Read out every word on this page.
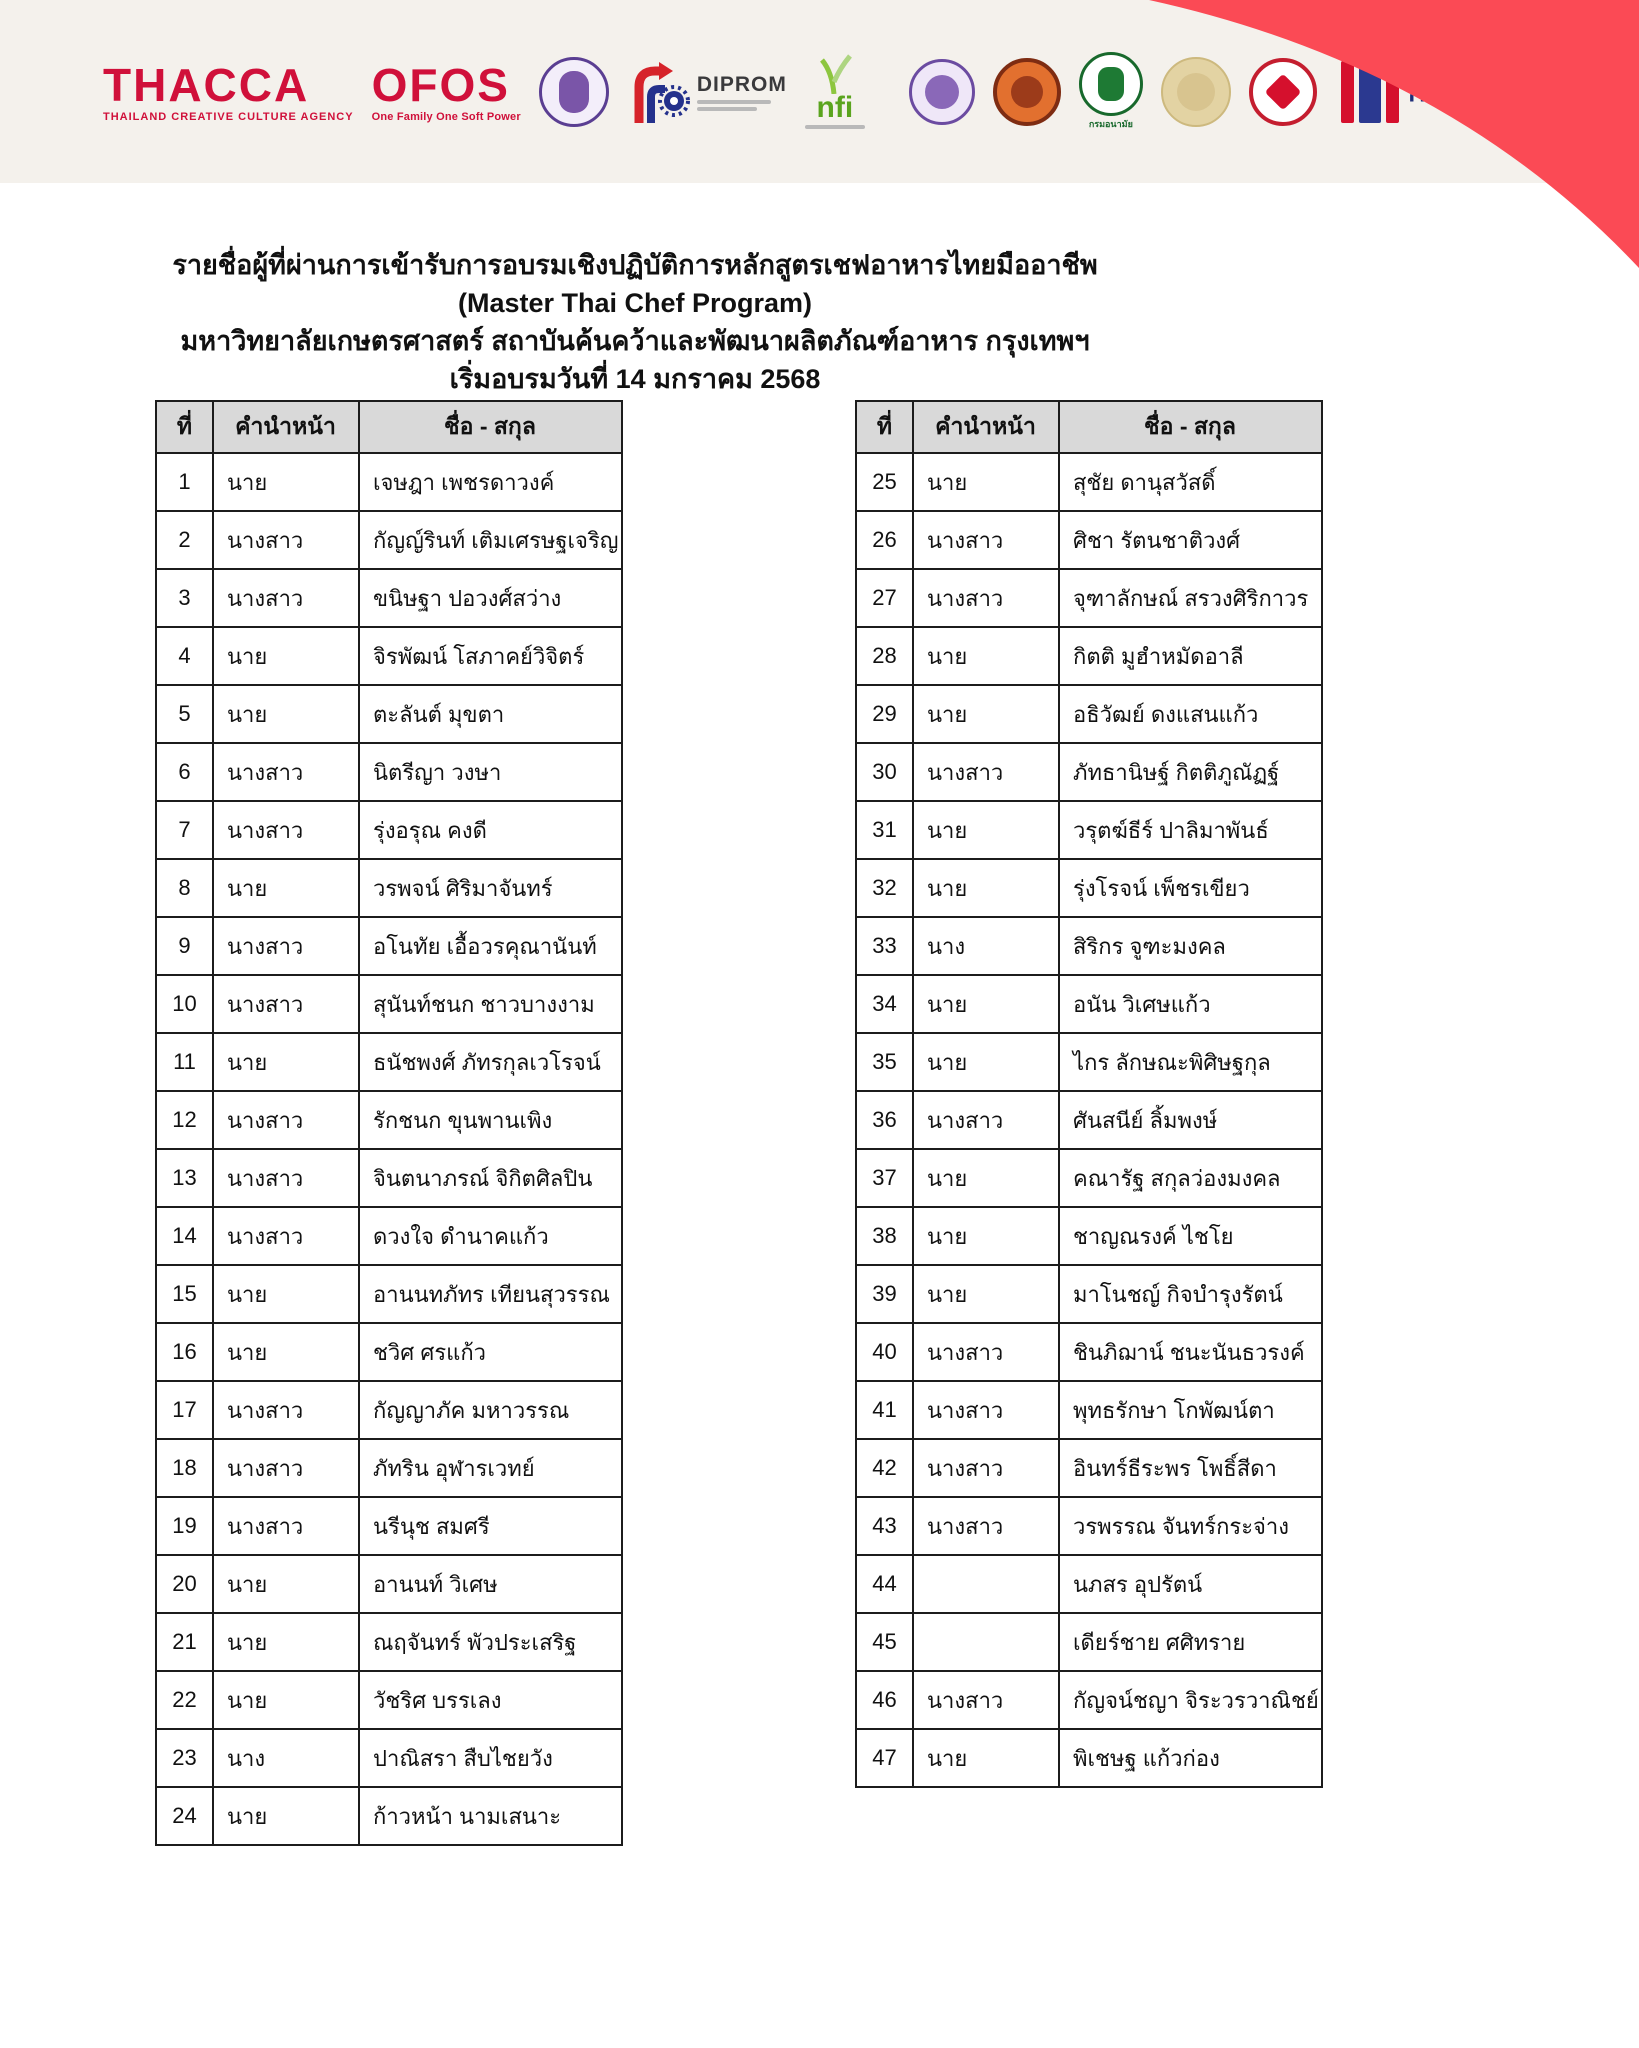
THACCA
THAILAND CREATIVE CULTURE AGENCY
OFOS
One Family One Soft Power
DIPROM
nfi	กรมอนามัย
รายชื่อผู้ที่ผ่านการเข้ารับการอบรมเชิงปฏิบัติการหลักสูตรเชฟอาหารไทยมืออาชีพ
(Master Thai Chef Program)
มหาวิทยาลัยเกษตรศาสตร์ สถาบันค้นคว้าและพัฒนาผลิตภัณฑ์อาหาร กรุงเทพฯ
เริ่มอบรมวันที่ 14 มกราคม 2568
ที่	คำนำหน้า	ชื่อ - สกุล
1	นาย	เจษฎา เพชรดาวงค์
2	นางสาว	กัญญ์รินท์ เติมเศรษฐเจริญ
3	นางสาว	ขนิษฐา ปอวงศ์สว่าง
4	นาย	จิรพัฒน์ โสภาคย์วิจิตร์
5	นาย	ตะลันต์ มุขตา
6	นางสาว	นิตรีญา วงษา
7	นางสาว	รุ่งอรุณ คงดี
8	นาย	วรพจน์ ศิริมาจันทร์
9	นางสาว	อโนทัย เอื้อวรคุณานันท์
10	นางสาว	สุนันท์ชนก ชาวบางงาม
11	นาย	ธนัชพงศ์ ภัทรกุลเวโรจน์
12	นางสาว	รักชนก ขุนพานเพิง
13	นางสาว	จินตนาภรณ์ จิกิตศิลปิน
14	นางสาว	ดวงใจ ดำนาคแก้ว
15	นาย	อานนทภัทร เทียนสุวรรณ
16	นาย	ชวิศ ศรแก้ว
17	นางสาว	กัญญาภัค มหาวรรณ
18	นางสาว	ภัทริน อุฬารเวทย์
19	นางสาว	นรีนุช สมศรี
20	นาย	อานนท์ วิเศษ
21	นาย	ณฤจันทร์ พัวประเสริฐ
22	นาย	วัชริศ บรรเลง
23	นาง	ปาณิสรา สืบไชยวัง
24	นาย	ก้าวหน้า นามเสนาะ
ที่	คำนำหน้า	ชื่อ - สกุล
25	นาย	สุชัย ดานุสวัสดิ์
26	นางสาว	ศิชา รัตนชาติวงศ์
27	นางสาว	จุฑาลักษณ์ สรวงศิริกาวร
28	นาย	กิตติ มูฮำหมัดอาลี
29	นาย	อธิวัฒย์ ดงแสนแก้ว
30	นางสาว	ภัทธานิษฐ์ กิตติภูณัฏฐ์
31	นาย	วรุตฆ์ธีร์ ปาลิมาพันธ์
32	นาย	รุ่งโรจน์ เพ็ชรเขียว
33	นาง	สิริกร จูฑะมงคล
34	นาย	อนัน วิเศษแก้ว
35	นาย	ไกร ลักษณะพิศิษฐกุล
36	นางสาว	ศันสนีย์ ลิ้มพงษ์
37	นาย	คณารัฐ สกุลว่องมงคล
38	นาย	ชาญณรงค์ ไชโย
39	นาย	มาโนชญ์ กิจบำรุงรัตน์
40	นางสาว	ชินภิฌาน์ ชนะนันธวรงค์
41	นางสาว	พุทธรักษา โกพัฒน์ตา
42	นางสาว	อินทร์ธีระพร โพธิ์สีดา
43	นางสาว	วรพรรณ จันทร์กระจ่าง
44		นภสร อุปรัตน์
45		เดียร์ชาย ศศิทราย
46	นางสาว	กัญจน์ชญา จิระวรวาณิชย์
47	นาย	พิเชษฐ แก้วก่อง
